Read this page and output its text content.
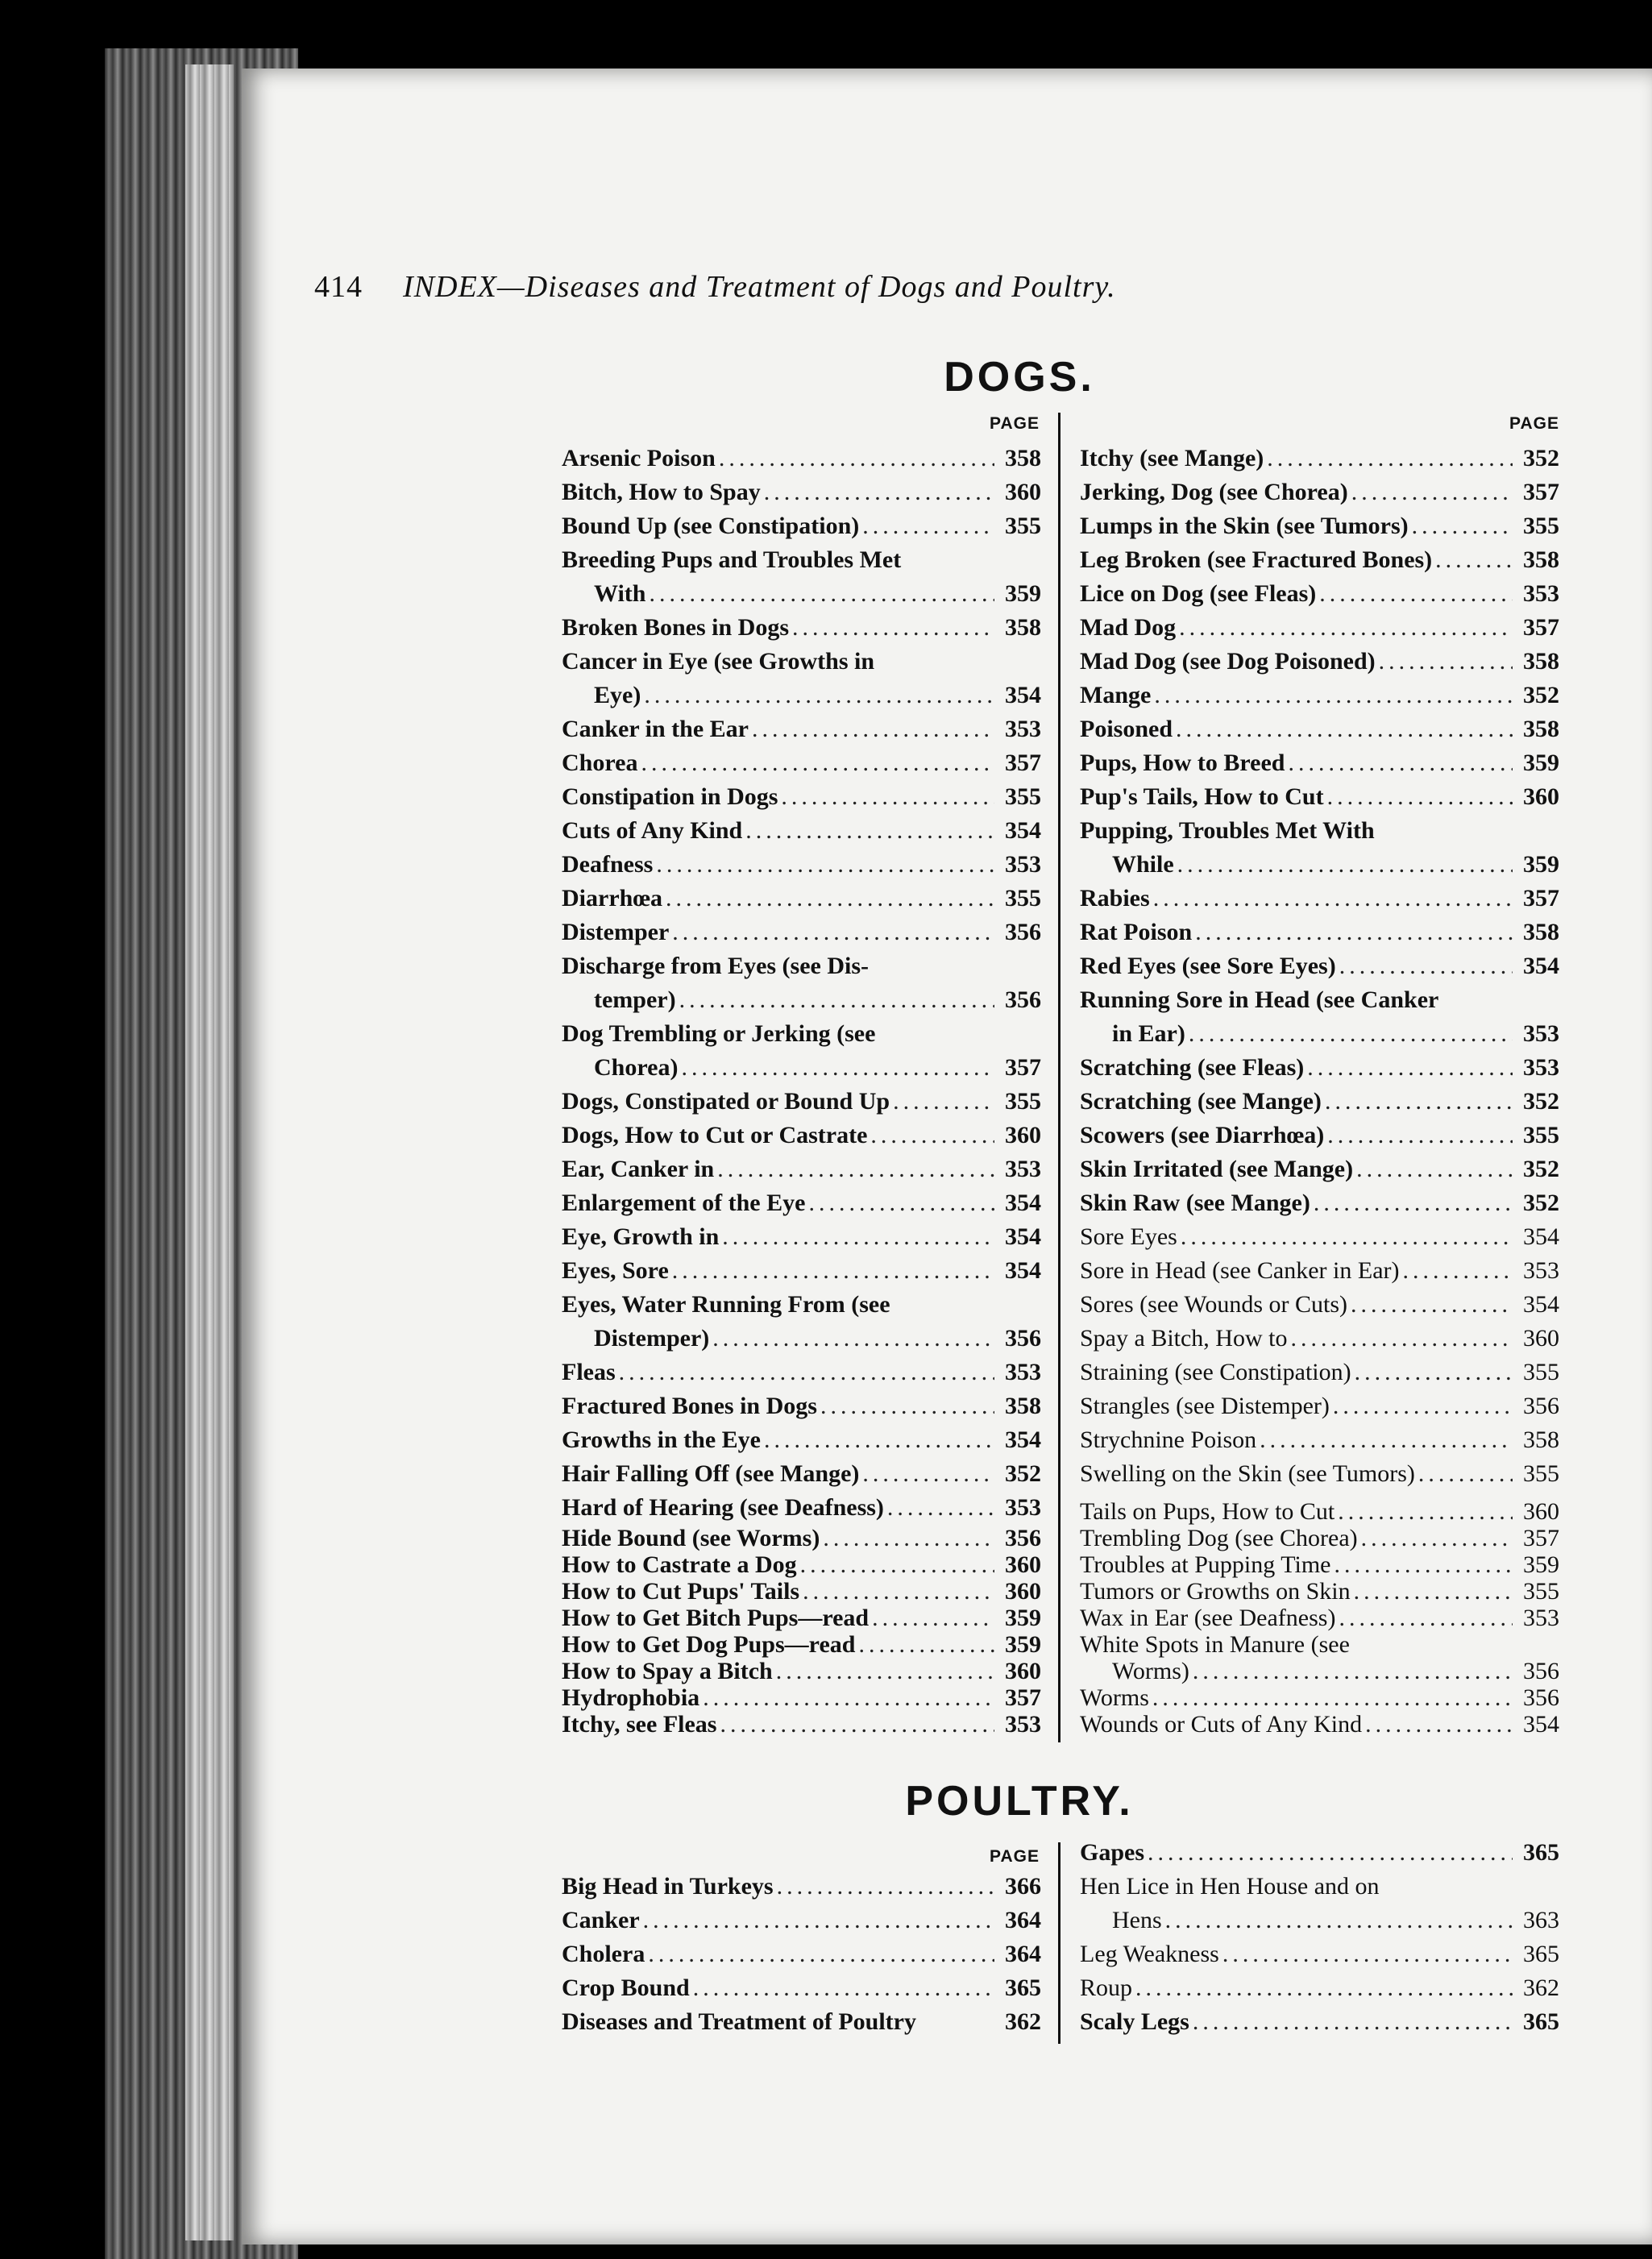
414 INDEX—Diseases and Treatment of Dogs and Poultry.
DOGS.
PAGE	PAGE
Arsenic Poison .....	358
Bitch, How to Spay .....	360
Bound Up (see Constipation) .....	355
Breeding Pups and Troubles Met
With .....	359
Broken Bones in Dogs .....	358
Cancer in Eye (see Growths in
Eye) .....	354
Canker in the Ear .....	353
Chorea .....	357
Constipation in Dogs .....	355
Cuts of Any Kind .....	354
Deafness .....	353
Diarrhœa .....	355
Distemper .....	356
Discharge from Eyes (see Dis-
temper) .....	356
Dog Trembling or Jerking (see
Chorea) .....	357
Dogs, Constipated or Bound Up .....	355
Dogs, How to Cut or Castrate .....	360
Ear, Canker in .....	353
Enlargement of the Eye .....	354
Eye, Growth in .....	354
Eyes, Sore .....	354
Eyes, Water Running From (see
Distemper) .....	356
Fleas .....	353
Fractured Bones in Dogs .....	358
Growths in the Eye .....	354
Hair Falling Off (see Mange) .....	352
Hard of Hearing (see Deafness) .....	353
Hide Bound (see Worms) .....	356
How to Castrate a Dog .....	360
How to Cut Pups' Tails .....	360
How to Get Bitch Pups—read .....	359
How to Get Dog Pups—read .....	359
How to Spay a Bitch .....	360
Hydrophobia .....	357
Itchy, see Fleas .....	353
Itchy (see Mange) .....	352
Jerking, Dog (see Chorea) .....	357
Lumps in the Skin (see Tumors) .....	355
Leg Broken (see Fractured Bones) .....	358
Lice on Dog (see Fleas) .....	353
Mad Dog .....	357
Mad Dog (see Dog Poisoned) .....	358
Mange .....	352
Poisoned .....	358
Pups, How to Breed .....	359
Pup's Tails, How to Cut .....	360
Pupping, Troubles Met With
While .....	359
Rabies .....	357
Rat Poison .....	358
Red Eyes (see Sore Eyes) .....	354
Running Sore in Head (see Canker
in Ear) .....	353
Scratching (see Fleas) .....	353
Scratching (see Mange) .....	352
Scowers (see Diarrhœa) .....	355
Skin Irritated (see Mange) .....	352
Skin Raw (see Mange) .....	352
Sore Eyes .....	354
Sore in Head (see Canker in Ear) .....	353
Sores (see Wounds or Cuts) .....	354
Spay a Bitch, How to .....	360
Straining (see Constipation) .....	355
Strangles (see Distemper) .....	356
Strychnine Poison .....	358
Swelling on the Skin (see Tumors) .....	355
Tails on Pups, How to Cut .....	360
Trembling Dog (see Chorea) .....	357
Troubles at Pupping Time .....	359
Tumors or Growths on Skin .....	355
Wax in Ear (see Deafness) .....	353
White Spots in Manure (see
Worms) .....	356
Worms .....	356
Wounds or Cuts of Any Kind .....	354
POULTRY.
PAGE
Big Head in Turkeys .....	366
Canker .....	364
Cholera .....	364
Crop Bound .....	365
Diseases and Treatment of Poultry	362
Gapes .....	365
Hen Lice in Hen House and on
Hens .....	363
Leg Weakness .....	365
Roup .....	362
Scaly Legs .....	365
